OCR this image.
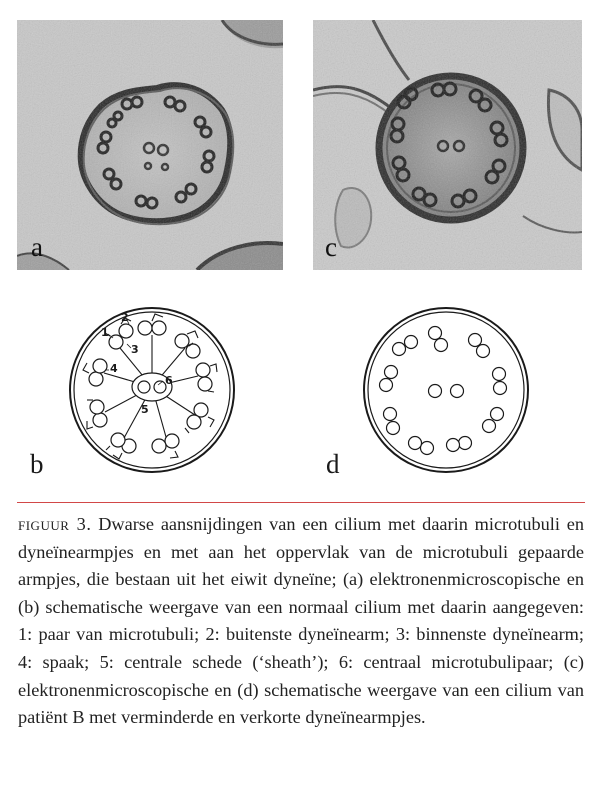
a	c
1
2
3
4
5
6
b	d
figuur 3. Dwarse aansnijdingen van een cilium met daarin microtubuli en dyneïnearmpjes en met aan het oppervlak van de microtubuli gepaarde armpjes, die bestaan uit het eiwit dyneïne; (a) elektronenmicroscopische en (b) schematische weergave van een normaal cilium met daarin aangegeven: 1: paar van microtubuli; 2: buitenste dyneïnearm; 3: binnenste dyneïnearm; 4: spaak; 5: centrale schede (‘sheath’); 6: centraal microtubulipaar; (c) elektronenmicroscopische en (d) schematische weergave van een cilium van patiënt B met verminderde en verkorte dyneïnearmpjes.
